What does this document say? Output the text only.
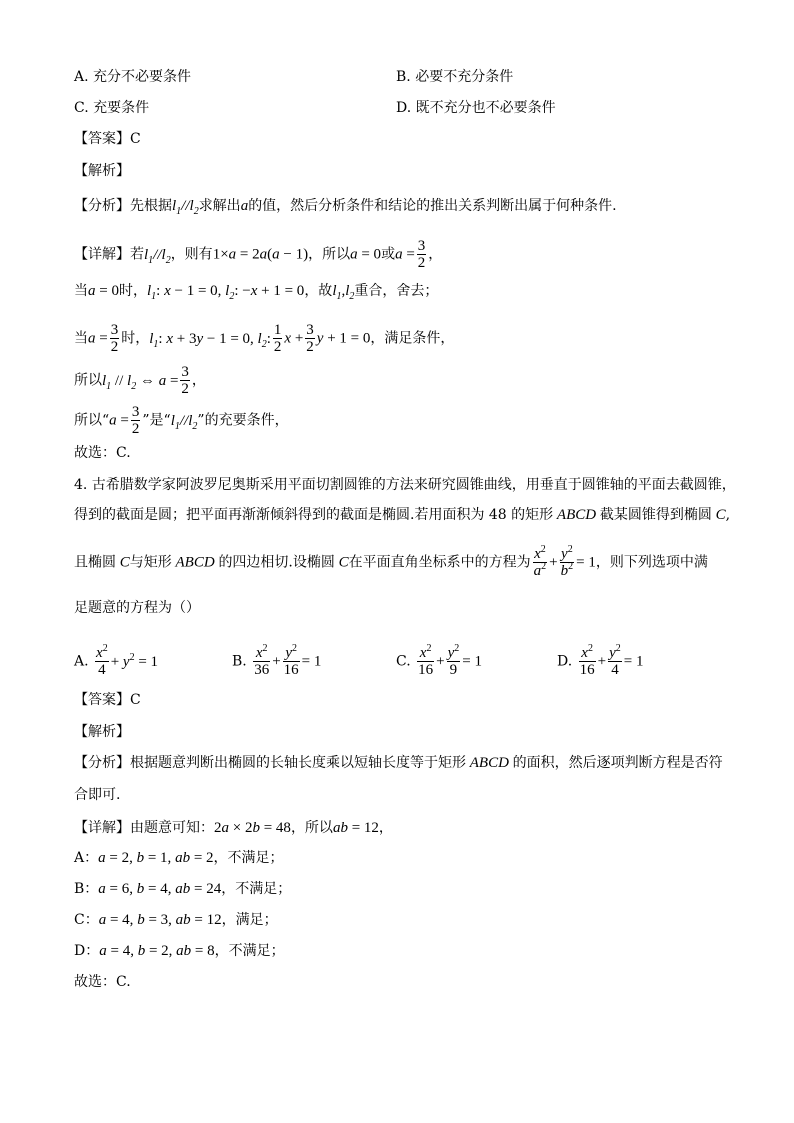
A. 充分不必要条件	B. 必要不充分条件
C. 充要条件	D. 既不充分也不必要条件
【答案】C
【解析】
【分析】先根据$l_1//l_2$求解出a的值，然后分析条件和结论的推出关系判断出属于何种条件.
【详解】若$l_1//l_2$，则有1×a = 2a(a − 1)，所以a = 0或$a = \frac{3}{2}$ ，
当a = 0时，$l_1$: x − 1 = 0, $l_2$: −x + 1 = 0，故$l_1,l_2$重合，舍去；
当$a = \frac{3}{2}$ 时，$l_1$: x + 3y − 1 = 0, $l_2$: $\frac{1}{2}$ $x + \frac{3}{2}$ y + 1 = 0，满足条件，
所以$l_1 // l_2$ ⇔ $a = \frac{3}{2}$ ，
所以“$a = \frac{3}{2}$ ”是“$l_1//l_2$”的充要条件，
故选：C.
4. 古希腊数学家阿波罗尼奥斯采用平面切割圆锥的方法来研究圆锥曲线，用垂直于圆锥轴的平面去截圆锥，
得到的截面是圆；把平面再渐渐倾斜得到的截面是椭圆.若用面积为 48 的矩形 ABCD 截某圆锥得到椭圆 C,
且椭圆 C与矩形 ABCD 的四边相切.设椭圆 C在平面直角坐标系中的方程为 $\frac{x^2}{a^2} + \frac{y^2}{b^2} = 1$，则下列选项中满
足题意的方程为（）
A. $\frac{x^2}{4} + y^2 = 1$	B. $\frac{x^2}{36} + \frac{y^2}{16} = 1$	C. $\frac{x^2}{16} + \frac{y^2}{9} = 1$	D. $\frac{x^2}{16} + \frac{y^2}{4} = 1$
【答案】C
【解析】
【分析】根据题意判断出椭圆的长轴长度乘以短轴长度等于矩形 ABCD 的面积，然后逐项判断方程是否符
合即可.
【详解】由题意可知：2a × 2b = 48，所以ab = 12，
A：a = 2, b = 1, ab = 2，不满足；
B：a = 6, b = 4, ab = 24，不满足；
C：a = 4, b = 3, ab = 12，满足；
D：a = 4, b = 2, ab = 8，不满足；
故选：C.
